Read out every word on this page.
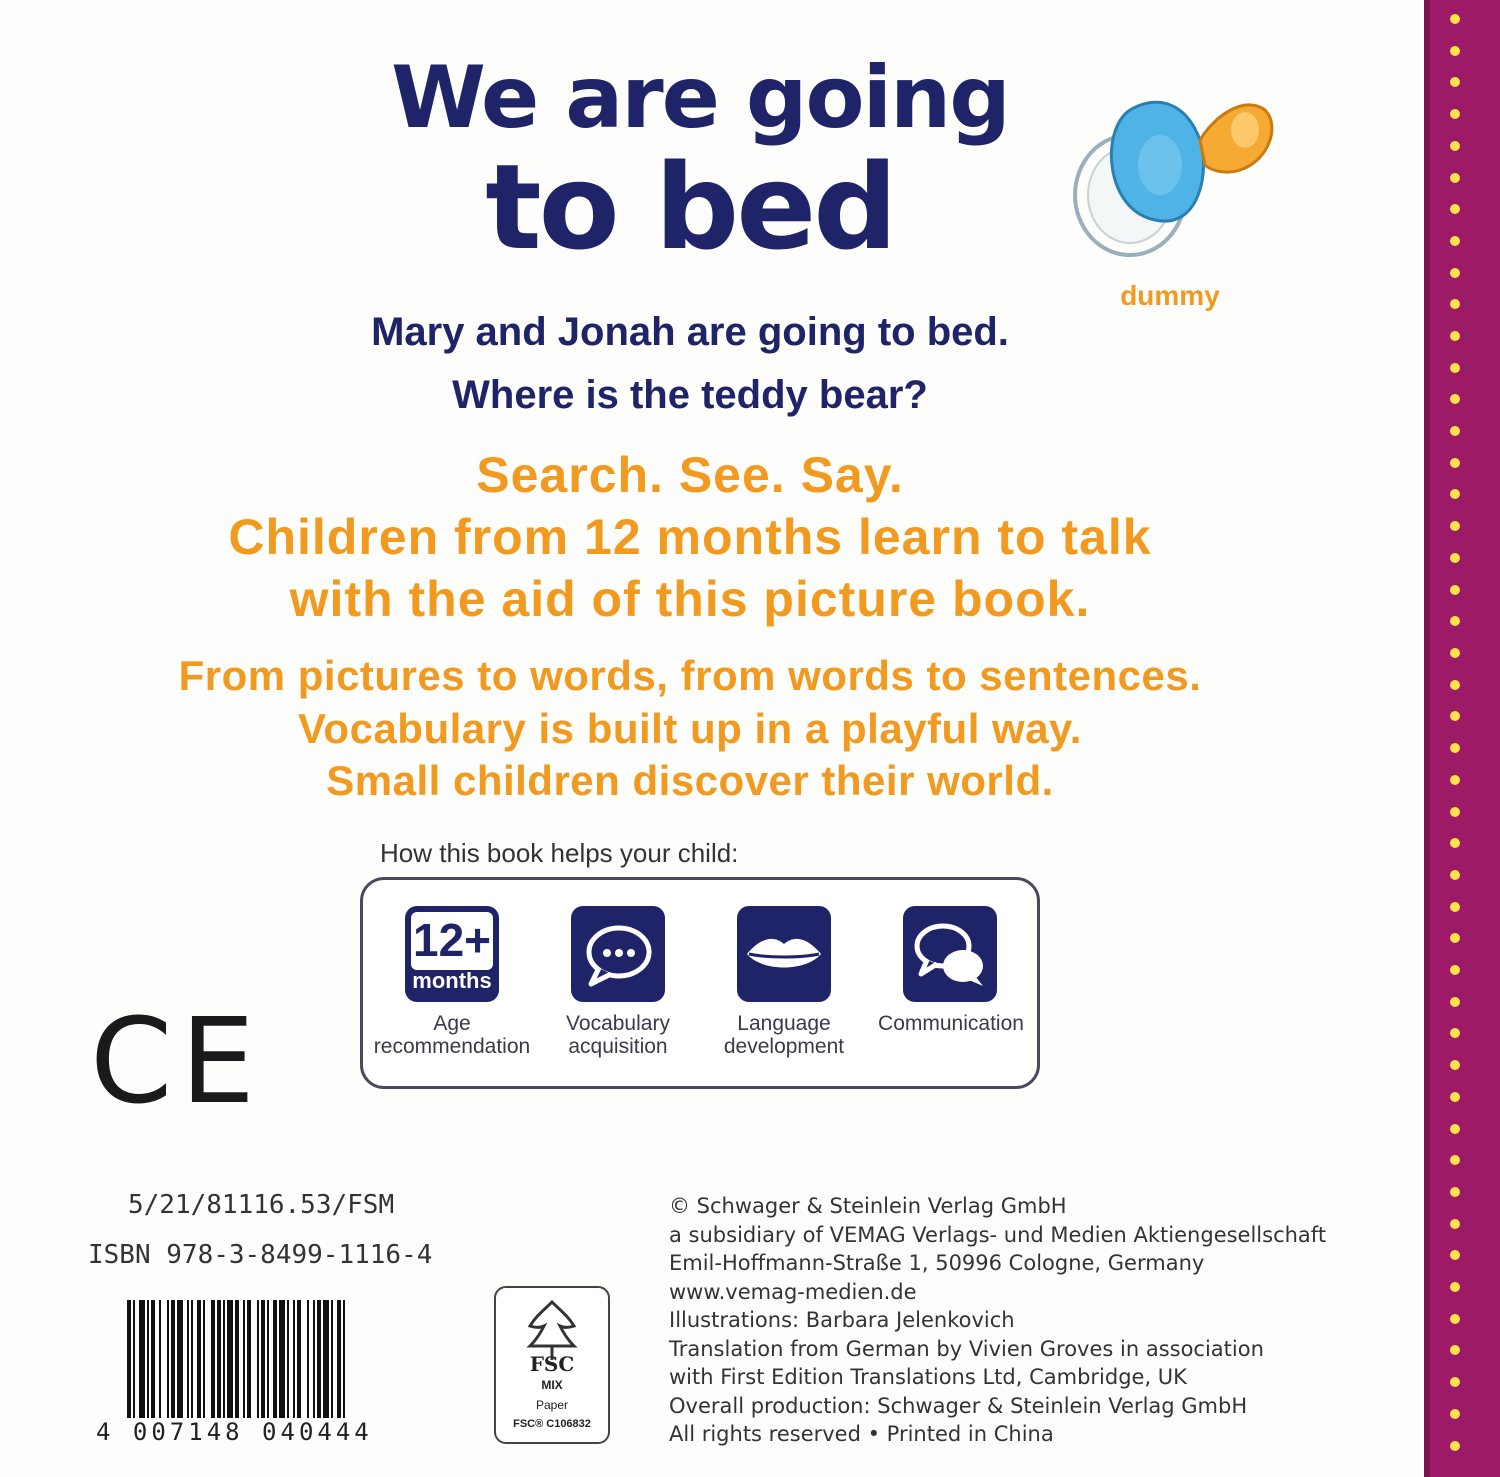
We are going
to bed
dummy
Mary and Jonah are going to bed.
Where is the teddy bear?
Search. See. Say.
Children from 12 months learn to talk
with the aid of this picture book.
From pictures to words, from words to sentences.
Vocabulary is built up in a playful way.
Small children discover their world.
How this book helps your child:
12+
months
Age
recommendation
Vocabulary
acquisition
Language
development
Communication
CE
5/21/81116.53/FSM
ISBN 978-3-8499-1116-4
4 007148 040444
FSC
MIX
Paper
FSC® C106832
© Schwager & Steinlein Verlag GmbH
a subsidiary of VEMAG Verlags- und Medien Aktiengesellschaft
Emil-Hoffmann-Straße 1, 50996 Cologne, Germany
www.vemag-medien.de
Illustrations: Barbara Jelenkovich
Translation from German by Vivien Groves in association
with First Edition Translations Ltd, Cambridge, UK
Overall production: Schwager & Steinlein Verlag GmbH
All rights reserved • Printed in China
